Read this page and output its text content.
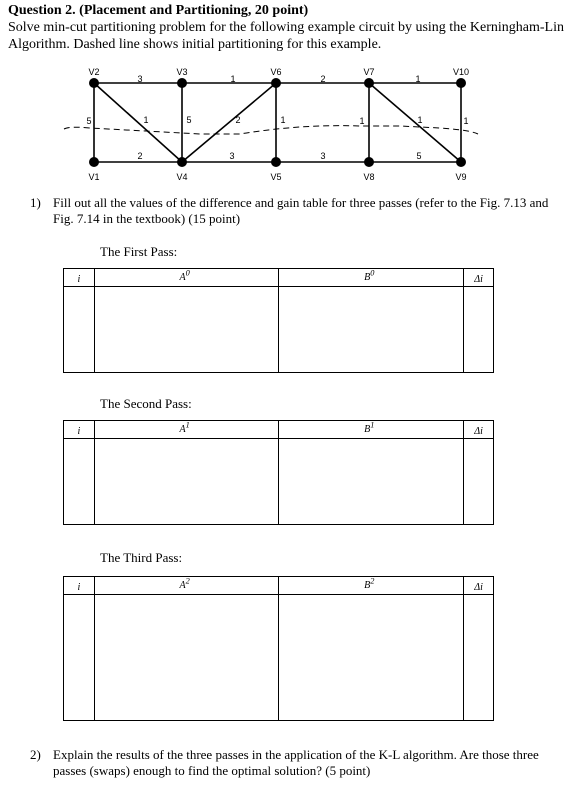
Question 2. (Placement and Partitioning, 20 point)
Solve min-cut partitioning problem for the following example circuit by using the Kerningham-Lin Algorithm. Dashed line shows initial partitioning for this example.
V2	V3	V6	V7	V10
V1	V4	V5	V8	V9
3	1	2	1
5	1	5	2	1	1	1	1
2	3	3	5
1) Fill out all the values of the difference and gain table for three passes (refer to the Fig. 7.13 and Fig. 7.14 in the textbook) (15 point)
The First Pass:
i	$A^0$	$B^0$	Δi

The Second Pass:
i	$A^1$	$B^1$	Δi

The Third Pass:
i	$A^2$	$B^2$	Δi

2) Explain the results of the three passes in the application of the K-L algorithm. Are those three passes (swaps) enough to find the optimal solution? (5 point)
